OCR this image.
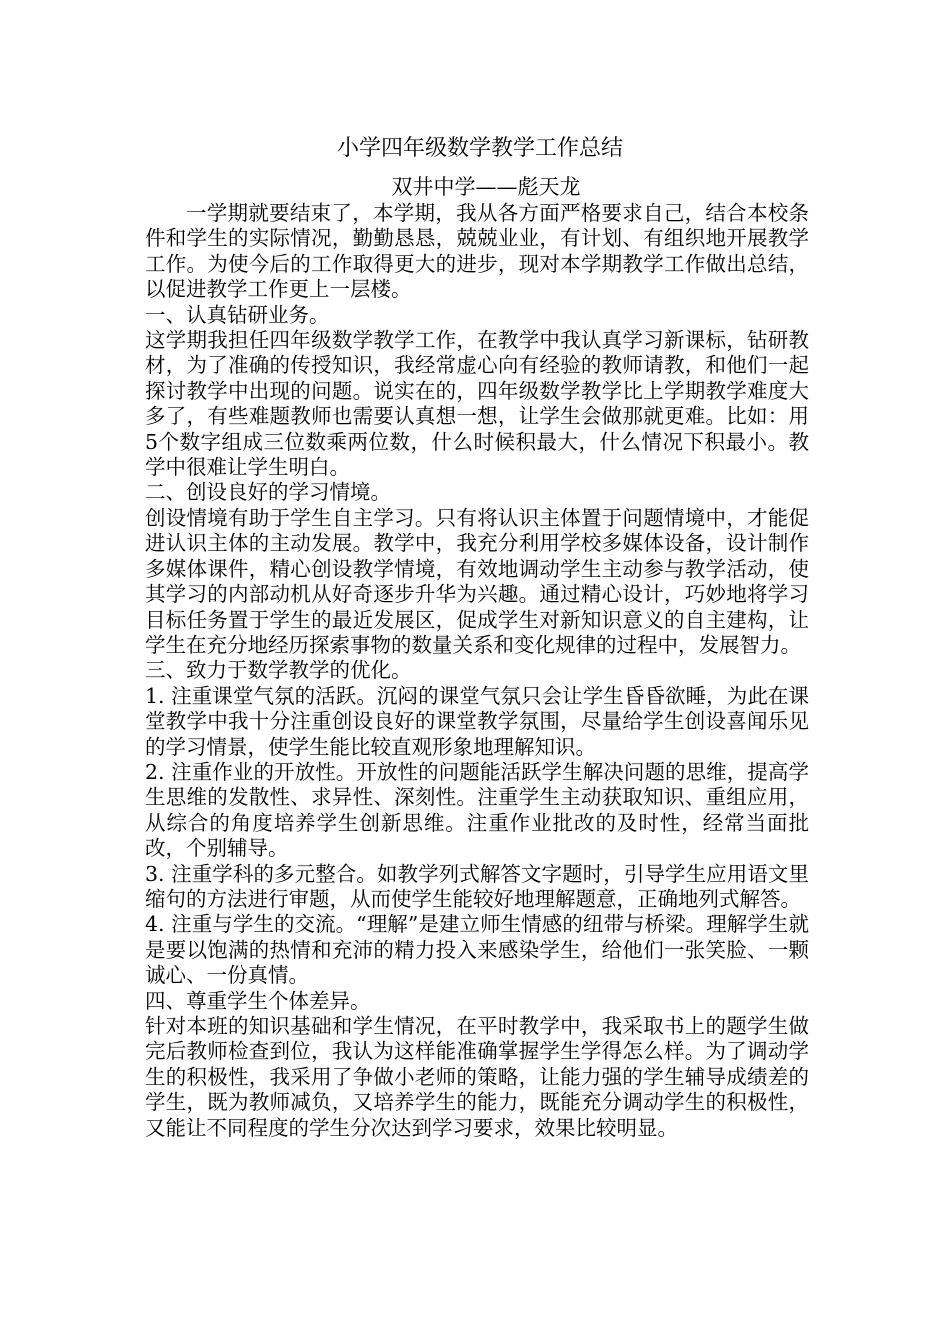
小学四年级数学教学工作总结
双井中学——彪天龙

一学期就要结束了，本学期，我从各方面严格要求自己，结合本校条件和学生的实际情况，勤勤恳恳，兢兢业业，有计划、有组织地开展教学工作。为使今后的工作取得更大的进步，现对本学期教学工作做出总结，以促进教学工作更上一层楼。

一、认真钻研业务。

这学期我担任四年级数学教学工作，在教学中我认真学习新课标，钻研教材，为了准确的传授知识，我经常虚心向有经验的教师请教，和他们一起探讨教学中出现的问题。说实在的，四年级数学教学比上学期教学难度大多了，有些难题教师也需要认真想一想，让学生会做那就更难。比如：用5个数字组成三位数乘两位数，什么时候积最大，什么情况下积最小。教学中很难让学生明白。

二、创设良好的学习情境。

创设情境有助于学生自主学习。只有将认识主体置于问题情境中，才能促进认识主体的主动发展。教学中，我充分利用学校多媒体设备，设计制作多媒体课件，精心创设教学情境，有效地调动学生主动参与教学活动，使其学习的内部动机从好奇逐步升华为兴趣。通过精心设计，巧妙地将学习目标任务置于学生的最近发展区，促成学生对新知识意义的自主建构，让学生在充分地经历探索事物的数量关系和变化规律的过程中，发展智力。

三、致力于数学教学的优化。

1. 注重课堂气氛的活跃。沉闷的课堂气氛只会让学生昏昏欲睡，为此在课堂教学中我十分注重创设良好的课堂教学氛围，尽量给学生创设喜闻乐见的学习情景，使学生能比较直观形象地理解知识。

2. 注重作业的开放性。开放性的问题能活跃学生解决问题的思维，提高学生思维的发散性、求异性、深刻性。注重学生主动获取知识、重组应用，从综合的角度培养学生创新思维。注重作业批改的及时性，经常当面批改，个别辅导。

3. 注重学科的多元整合。如教学列式解答文字题时，引导学生应用语文里缩句的方法进行审题，从而使学生能较好地理解题意，正确地列式解答。

4. 注重与学生的交流。“理解”是建立师生情感的纽带与桥梁。理解学生就是要以饱满的热情和充沛的精力投入来感染学生，给他们一张笑脸、一颗诚心、一份真情。

四、尊重学生个体差异。

针对本班的知识基础和学生情况，在平时教学中，我采取书上的题学生做完后教师检查到位，我认为这样能准确掌握学生学得怎么样。为了调动学生的积极性，我采用了争做小老师的策略，让能力强的学生辅导成绩差的学生，既为教师减负，又培养学生的能力，既能充分调动学生的积极性，又能让不同程度的学生分次达到学习要求，效果比较明显。
